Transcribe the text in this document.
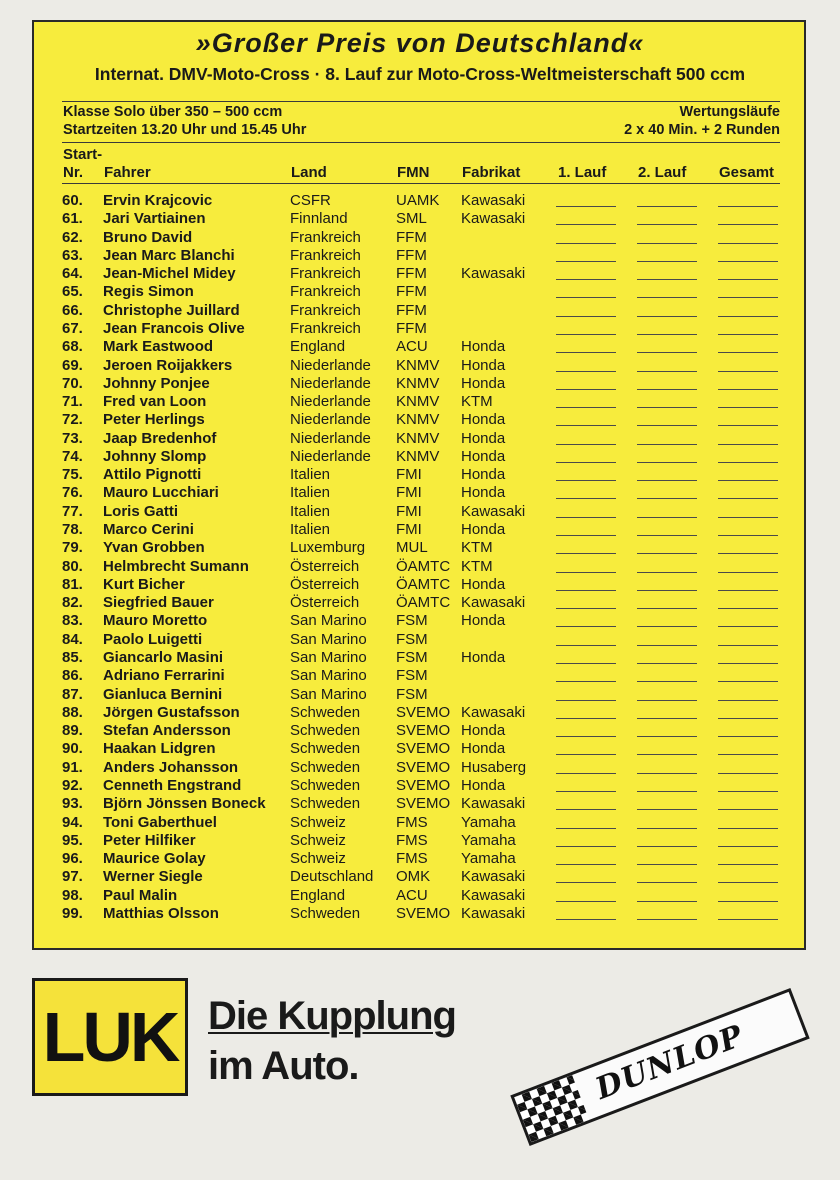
»Großer Preis von Deutschland«
Internat. DMV-Moto-Cross · 8. Lauf zur Moto-Cross-Weltmeisterschaft 500 ccm
Klasse Solo über 350 – 500 ccm
Startzeiten 13.20 Uhr und 15.45 Uhr
Wertungsläufe
2 x 40 Min. + 2 Runden
Start-
Nr. Fahrer	Land	FMN Fabrikat	1. Lauf 2. Lauf Gesamt
60. Ervin Krajcovic	CSFR	UAMK Kawasaki
61. Jari Vartiainen	Finnland	SML Kawasaki
62. Bruno David	Frankreich FFM
63. Jean Marc Blanchi	Frankreich FFM
64. Jean-Michel Midey	Frankreich FFM Kawasaki
65. Regis Simon	Frankreich FFM
66. Christophe Juillard	Frankreich FFM
67. Jean Francois Olive	Frankreich FFM
68. Mark Eastwood	England	ACU Honda
69. Jeroen Roijakkers	Niederlande KNMV Honda
70. Johnny Ponjee	Niederlande KNMV Honda
71. Fred van Loon	Niederlande KNMV KTM
72. Peter Herlings	Niederlande KNMV Honda
73. Jaap Bredenhof	Niederlande KNMV Honda
74. Johnny Slomp	Niederlande KNMV Honda
75. Attilo Pignotti	Italien	FMI	Honda
76. Mauro Lucchiari	Italien	FMI	Honda
77. Loris Gatti	Italien	FMI	Kawasaki
78. Marco Cerini	Italien	FMI	Honda
79. Yvan Grobben	Luxemburg MUL KTM
80. Helmbrecht Sumann	Österreich ÖAMTC KTM
81. Kurt Bicher	Österreich ÖAMTC Honda
82. Siegfried Bauer	Österreich ÖAMTC Kawasaki
83. Mauro Moretto	San Marino FSM Honda
84. Paolo Luigetti	San Marino FSM
85. Giancarlo Masini	San Marino FSM Honda
86. Adriano Ferrarini	San Marino FSM
87. Gianluca Bernini	San Marino FSM
88. Jörgen Gustafsson	Schweden SVEMO Kawasaki
89. Stefan Andersson	Schweden SVEMO Honda
90. Haakan Lidgren	Schweden SVEMO Honda
91. Anders Johansson	Schweden SVEMO Husaberg
92. Cenneth Engstrand	Schweden SVEMO Honda
93. Björn Jönssen Boneck Schweden SVEMO Kawasaki
94. Toni Gaberthuel	Schweiz	FMS Yamaha
95. Peter Hilfiker	Schweiz	FMS Yamaha
96. Maurice Golay	Schweiz	FMS Yamaha
97. Werner Siegle	Deutschland OMK Kawasaki
98. Paul Malin	England	ACU Kawasaki
99. Matthias Olsson	Schweden SVEMO Kawasaki
LUK Die Kupplung
im Auto.	DUNLOP
